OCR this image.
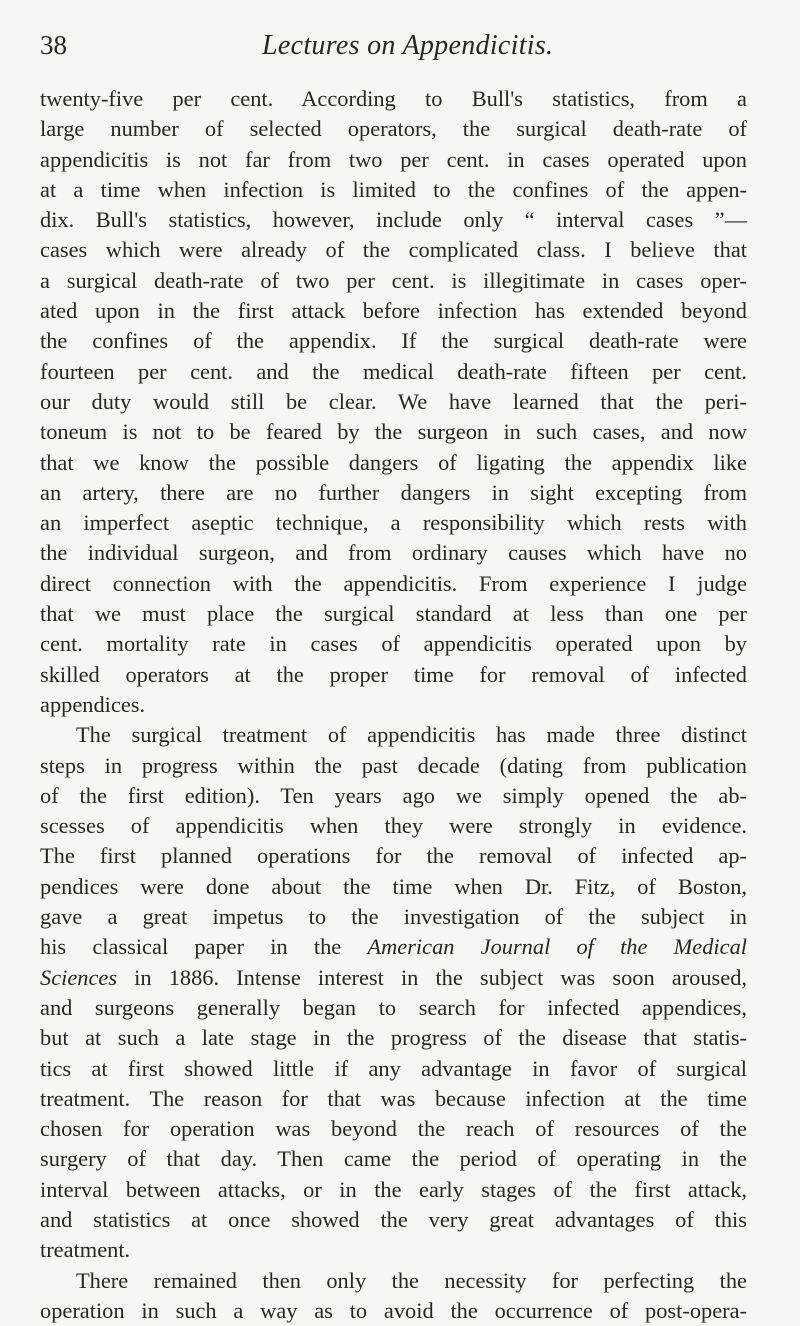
38	Lectures on Appendicitis.

twenty-five per cent. According to Bull's statistics, from a
large number of selected operators, the surgical death-rate of
appendicitis is not far from two per cent. in cases operated upon
at a time when infection is limited to the confines of the appen-
dix. Bull's statistics, however, include only “ interval cases ”—
cases which were already of the complicated class. I believe that
a surgical death-rate of two per cent. is illegitimate in cases oper-
ated upon in the first attack before infection has extended beyond
the confines of the appendix. If the surgical death-rate were
fourteen per cent. and the medical death-rate fifteen per cent.
our duty would still be clear. We have learned that the peri-
toneum is not to be feared by the surgeon in such cases, and now
that we know the possible dangers of ligating the appendix like
an artery, there are no further dangers in sight excepting from
an imperfect aseptic technique, a responsibility which rests with
the individual surgeon, and from ordinary causes which have no
direct connection with the appendicitis. From experience I judge
that we must place the surgical standard at less than one per
cent. mortality rate in cases of appendicitis operated upon by
skilled operators at the proper time for removal of infected
appendices.

The surgical treatment of appendicitis has made three distinct
steps in progress within the past decade (dating from publication
of the first edition). Ten years ago we simply opened the ab-
scesses of appendicitis when they were strongly in evidence.
The first planned operations for the removal of infected ap-
pendices were done about the time when Dr. Fitz, of Boston,
gave a great impetus to the investigation of the subject in
his classical paper in the American Journal of the Medical
Sciences in 1886. Intense interest in the subject was soon aroused,
and surgeons generally began to search for infected appendices,
but at such a late stage in the progress of the disease that statis-
tics at first showed little if any advantage in favor of surgical
treatment. The reason for that was because infection at the time
chosen for operation was beyond the reach of resources of the
surgery of that day. Then came the period of operating in the
interval between attacks, or in the early stages of the first attack,
and statistics at once showed the very great advantages of this
treatment.

There remained then only the necessity for perfecting the
operation in such a way as to avoid the occurrence of post-opera-
